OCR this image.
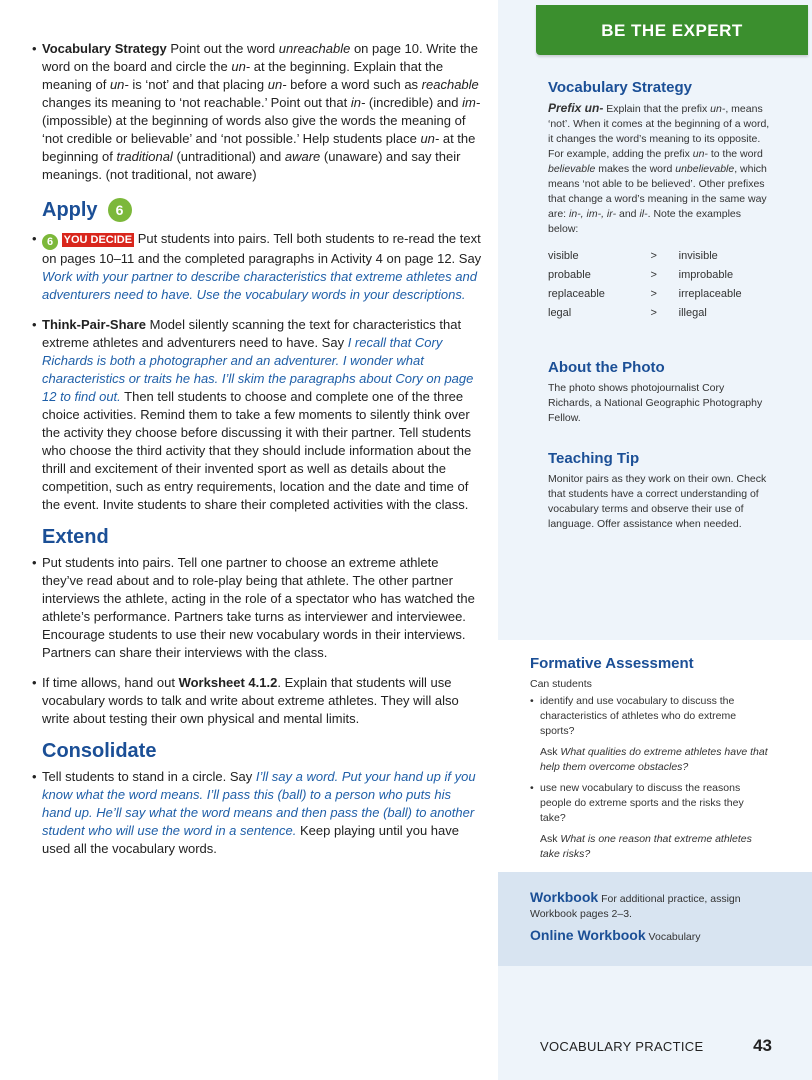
• Vocabulary Strategy Point out the word unreachable on page 10. Write the word on the board and circle the un- at the beginning. Explain that the meaning of un- is ‘not’ and that placing un- before a word such as reachable changes its meaning to ‘not reachable.’ Point out that in- (incredible) and im- (impossible) at the beginning of words also give the words the meaning of ‘not credible or believable’ and ‘not possible.’ Help students place un- at the beginning of traditional (untraditional) and aware (unaware) and say their meanings. (not traditional, not aware)

Apply	6

• 6 YOU DECIDE Put students into pairs. Tell both students to re-read the text on pages 10–11 and the completed paragraphs in Activity 4 on page 12. Say Work with your partner to describe characteristics that extreme athletes and adventurers need to have. Use the vocabulary words in your descriptions.

• Think-Pair-Share Model silently scanning the text for characteristics that extreme athletes and adventurers need to have. Say I recall that Cory Richards is both a photographer and an adventurer. I wonder what characteristics or traits he has. I’ll skim the paragraphs about Cory on page 12 to find out. Then tell students to choose and complete one of the three choice activities. Remind them to take a few moments to silently think over the activity they choose before discussing it with their partner. Tell students who choose the third activity that they should include information about the thrill and excitement of their invented sport as well as details about the competition, such as entry requirements, location and the date and time of the event. Invite students to share their completed activities with the class.

Extend

• Put students into pairs. Tell one partner to choose an extreme athlete they’ve read about and to role-play being that athlete. The other partner interviews the athlete, acting in the role of a spectator who has watched the athlete’s performance. Partners take turns as interviewer and interviewee. Encourage students to use their new vocabulary words in their interviews. Partners can share their interviews with the class.

• If time allows, hand out Worksheet 4.1.2. Explain that students will use vocabulary words to talk and write about extreme athletes. They will also write about testing their own physical and mental limits.

Consolidate

• Tell students to stand in a circle. Say I’ll say a word. Put your hand up if you know what the word means. I’ll pass this (ball) to a person who puts his hand up. He’ll say what the word means and then pass the (ball) to another student who will use the word in a sentence. Keep playing until you have used all the vocabulary words.

BE THE EXPERT
Vocabulary Strategy

Prefix un- Explain that the prefix un-, means ‘not’. When it comes at the beginning of a word, it changes the word’s meaning to its opposite. For example, adding the prefix un- to the word believable makes the word unbelievable, which means ‘not able to be believed’. Other prefixes that change a word’s meaning in the same way are: in-, im-, ir- and il-. Note the examples below:

visible	>	invisible
probable	>	improbable
replaceable	>	irreplaceable
legal	>	illegal
About the Photo

The photo shows photojournalist Cory Richards, a National Geographic Photography Fellow.

Teaching Tip

Monitor pairs as they work on their own. Check that students have a correct understanding of vocabulary terms and observe their use of language. Offer assistance when needed.

Formative Assessment

Can students

• identify and use vocabulary to discuss the characteristics of athletes who do extreme sports?

Ask What qualities do extreme athletes have that help them overcome obstacles?

• use new vocabulary to discuss the reasons people do extreme sports and the risks they take?

Ask What is one reason that extreme athletes take risks?

Workbook For additional practice, assign Workbook pages 2–3.

Online Workbook Vocabulary

VOCABULARY PRACTICE	43
